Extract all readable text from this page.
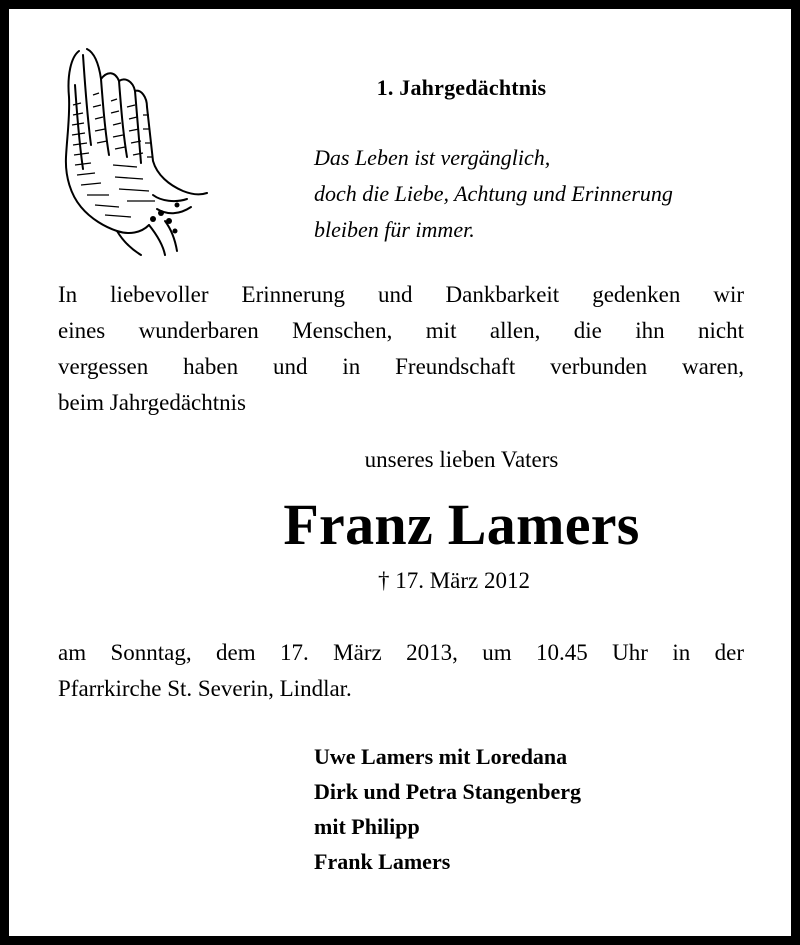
1. Jahrgedächtnis
Das Leben ist vergänglich,
doch die Liebe, Achtung und Erinnerung
bleiben für immer.
In liebevoller Erinnerung und Dankbarkeit gedenken wir
eines wunderbaren Menschen, mit allen, die ihn nicht
vergessen haben und in Freundschaft verbunden waren,
beim Jahrgedächtnis
unseres lieben Vaters
Franz Lamers
† 17. März 2012
am Sonntag, dem 17. März 2013, um 10.45 Uhr in der
Pfarrkirche St. Severin, Lindlar.
Uwe Lamers mit Loredana
Dirk und Petra Stangenberg
mit Philipp
Frank Lamers
